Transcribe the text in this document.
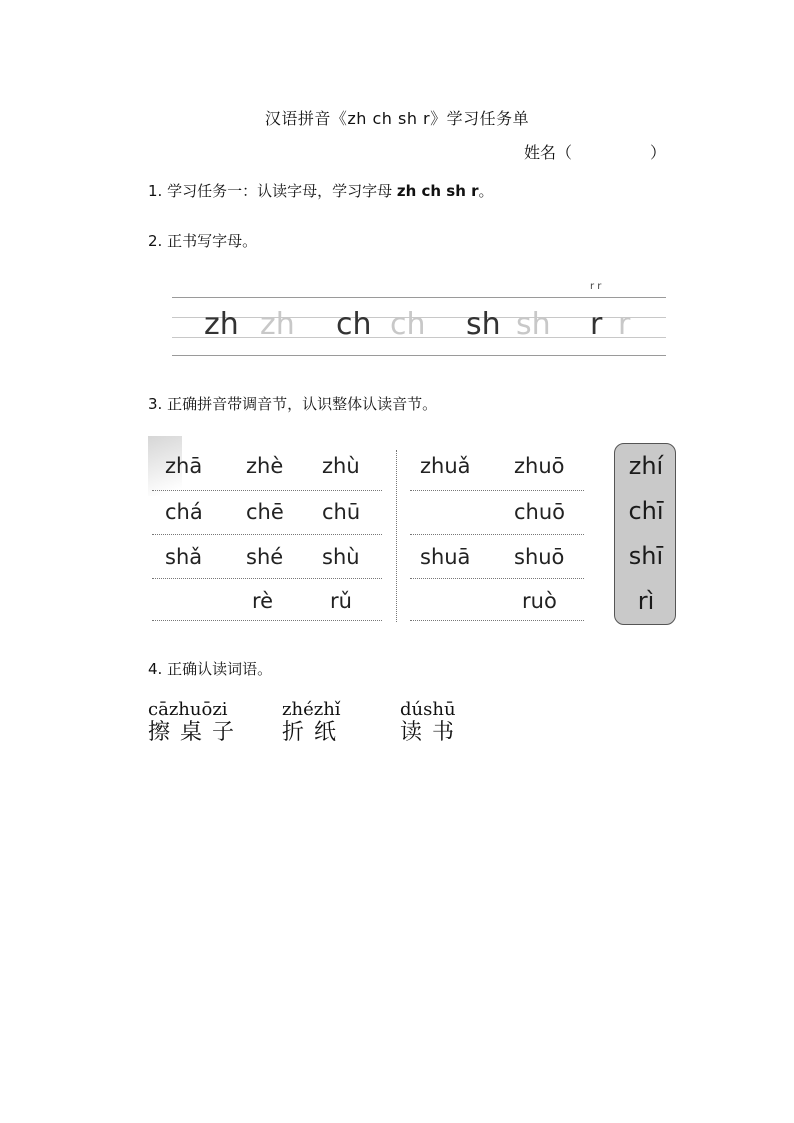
汉语拼音《zh ch sh r》学习任务单
姓名（	）
1. 学习任务一：认读字母，学习字母 zh ch sh r。
2. 正书写字母。
r r
zh zh ch ch sh sh r r
3. 正确拼音带调音节，认识整体认读音节。
zhā zhè zhù
chá chē chū
shǎ shé shù
rè	rǔ
zhuǎ zhuō
chuō
shuā shuō
ruò
zhí
chī
shī
rì
4. 正确认读词语。
cāzhuōzi
擦桌子
zhézhǐ
折纸
dúshū
读书
